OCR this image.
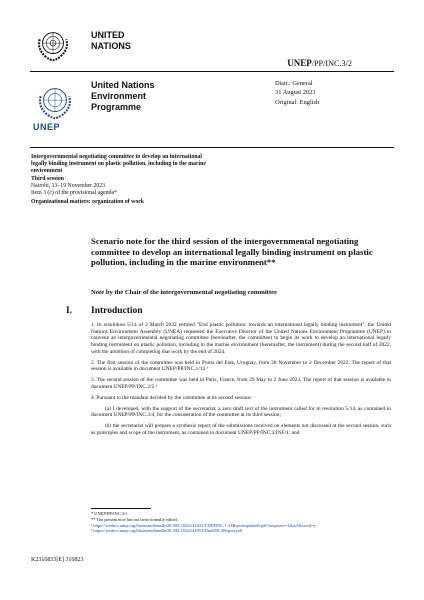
UNITED
NATIONS
UNEP/PP/INC.3/2
UNEP
United Nations
Environment
Programme
Distr.: General
31 August 2023
Original: English
Intergovernmental negotiating committee to develop an international legally binding instrument on plastic pollution, including in the marine environment
Third session
Nairobi, 13–19 November 2023
Item 3 (c) of the provisional agenda*
Organizational matters: organization of work
Scenario note for the third session of the intergovernmental negotiating committee to develop an international legally binding instrument on plastic pollution, including in the marine environment**
Note by the Chair of the intergovernmental negotiating committee
I. Introduction

1. In resolution 5/14 of 2 March 2022 entitled "End plastic pollution: towards an international legally binding instrument", the United Nations Environment Assembly (UNEA) requested the Executive Director of the United Nations Environment Programme (UNEP) to convene an intergovernmental negotiating committee (hereinafter, the committee) to begin its work to develop an international legally binding instrument on plastic pollution, including in the marine environment (hereinafter, the instrument) during the second half of 2022, with the ambition of completing that work by the end of 2024.

2. The first session of the committee was held in Punta del Este, Uruguay, from 28 November to 2 December 2022. The report of that session is available in document UNEP/PP/INC.1/14.¹

3. The second session of the committee was held in Paris, France, from 29 May to 2 June 2023. The report of that session is available in document UNEP/PP/INC.2/5.²

4. Pursuant to the mandate decided by the committee at its second session:

(a) I developed, with the support of the secretariat, a zero draft text of the instrument called for in resolution 5/14, as contained in document UNEP/PP/INC.3/4, for the consideration of the committee at its third session;

(b) the secretariat will prepare a synthesis report of the submissions received on elements not discussed at the second session, such as principles and scope of the instrument, as contained in document UNEP/PP/INC.3/INF/1; and

* UNEP/PP/INC.3/1.
** The present note has not been formally edited.
¹ https://wedocs.unep.org/bitstream/handle/20.500.11822/41841/UNEPINC.1-14ReportupdatedI.pdf?sequence=1&isAllowed=y
² https://wedocs.unep.org/bitstream/handle/20.500.11822/42953/FinalINC2Report.pdf
K2316833[E] 310823
